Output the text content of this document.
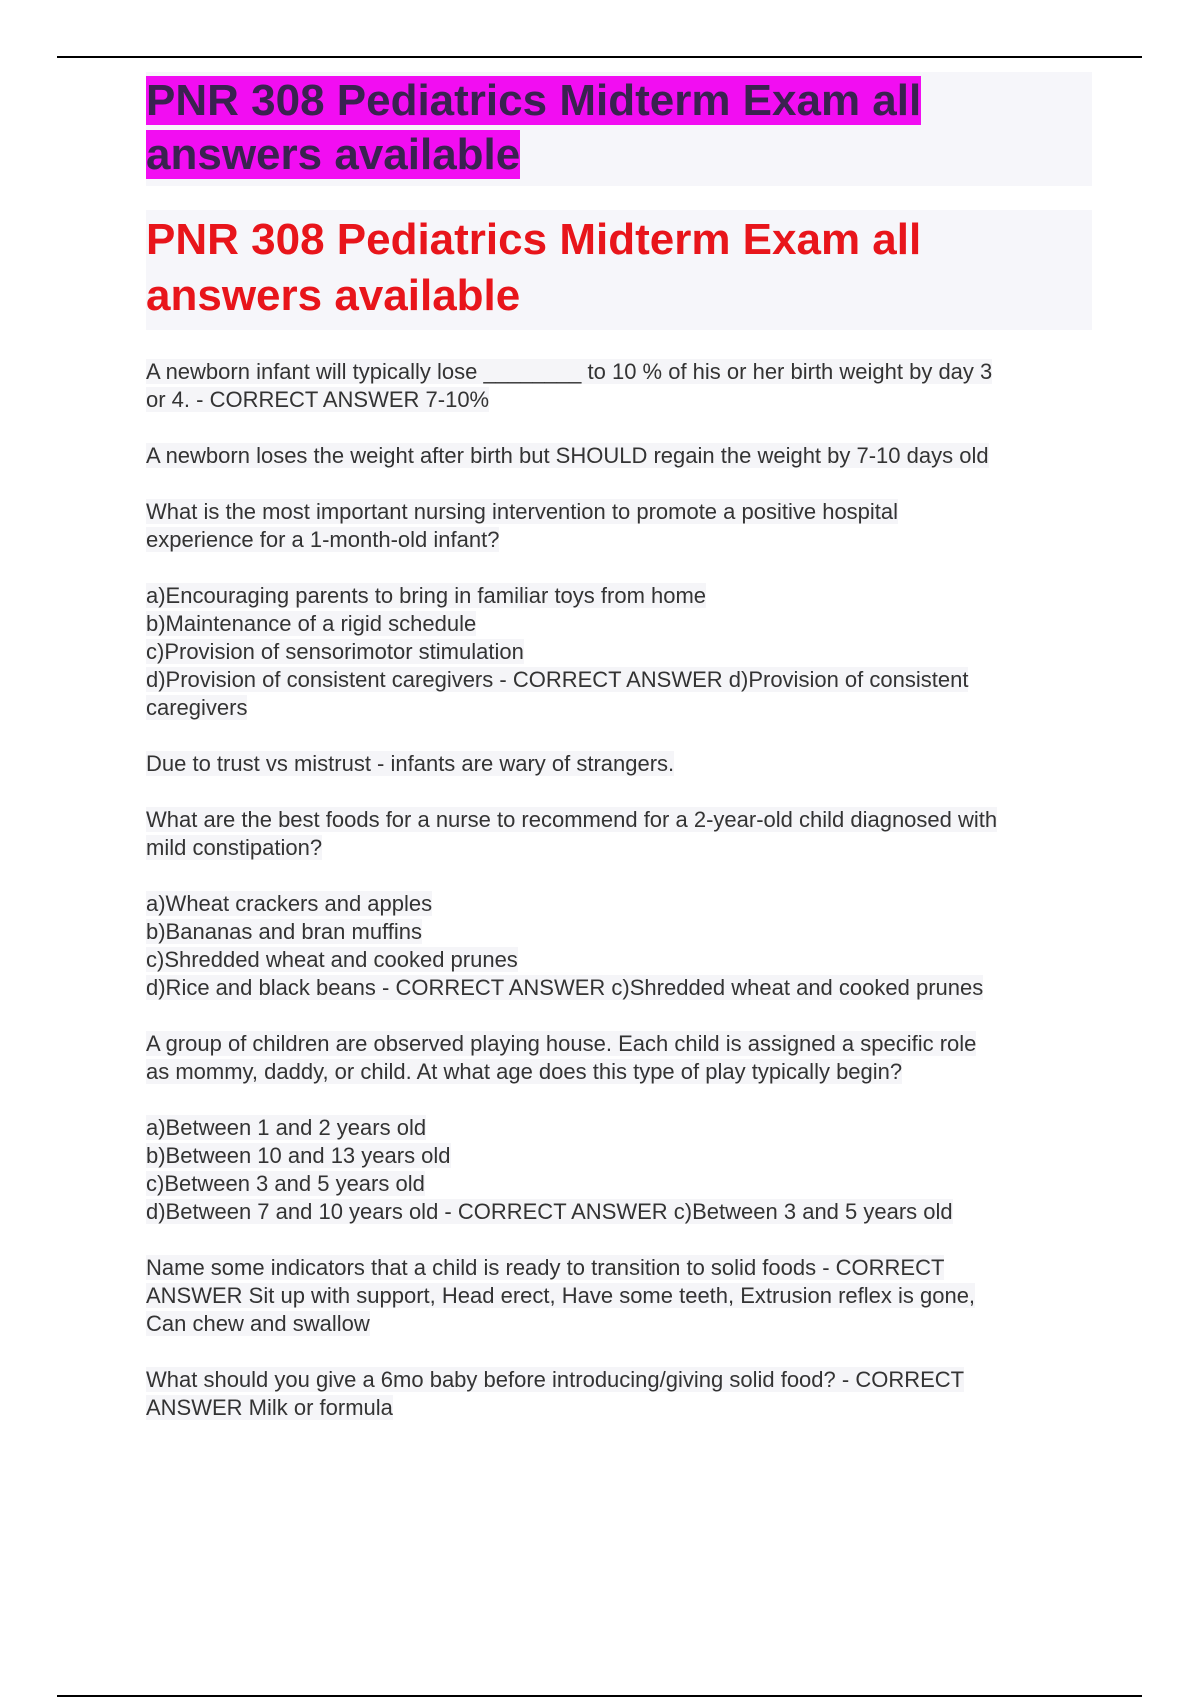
PNR 308 Pediatrics Midterm Exam all answers available
PNR 308 Pediatrics Midterm Exam all answers available

A newborn infant will typically lose ________ to 10 % of his or her birth weight by day 3
or 4. - CORRECT ANSWER 7-10%

A newborn loses the weight after birth but SHOULD regain the weight by 7-10 days old

What is the most important nursing intervention to promote a positive hospital
experience for a 1-month-old infant?

a)Encouraging parents to bring in familiar toys from home
b)Maintenance of a rigid schedule
c)Provision of sensorimotor stimulation
d)Provision of consistent caregivers - CORRECT ANSWER d)Provision of consistent
caregivers

Due to trust vs mistrust - infants are wary of strangers.

What are the best foods for a nurse to recommend for a 2-year-old child diagnosed with
mild constipation?

a)Wheat crackers and apples
b)Bananas and bran muffins
c)Shredded wheat and cooked prunes
d)Rice and black beans - CORRECT ANSWER c)Shredded wheat and cooked prunes

A group of children are observed playing house. Each child is assigned a specific role
as mommy, daddy, or child. At what age does this type of play typically begin?

a)Between 1 and 2 years old
b)Between 10 and 13 years old
c)Between 3 and 5 years old
d)Between 7 and 10 years old - CORRECT ANSWER c)Between 3 and 5 years old

Name some indicators that a child is ready to transition to solid foods - CORRECT
ANSWER Sit up with support, Head erect, Have some teeth, Extrusion reflex is gone,
Can chew and swallow

What should you give a 6mo baby before introducing/giving solid food? - CORRECT
ANSWER Milk or formula
